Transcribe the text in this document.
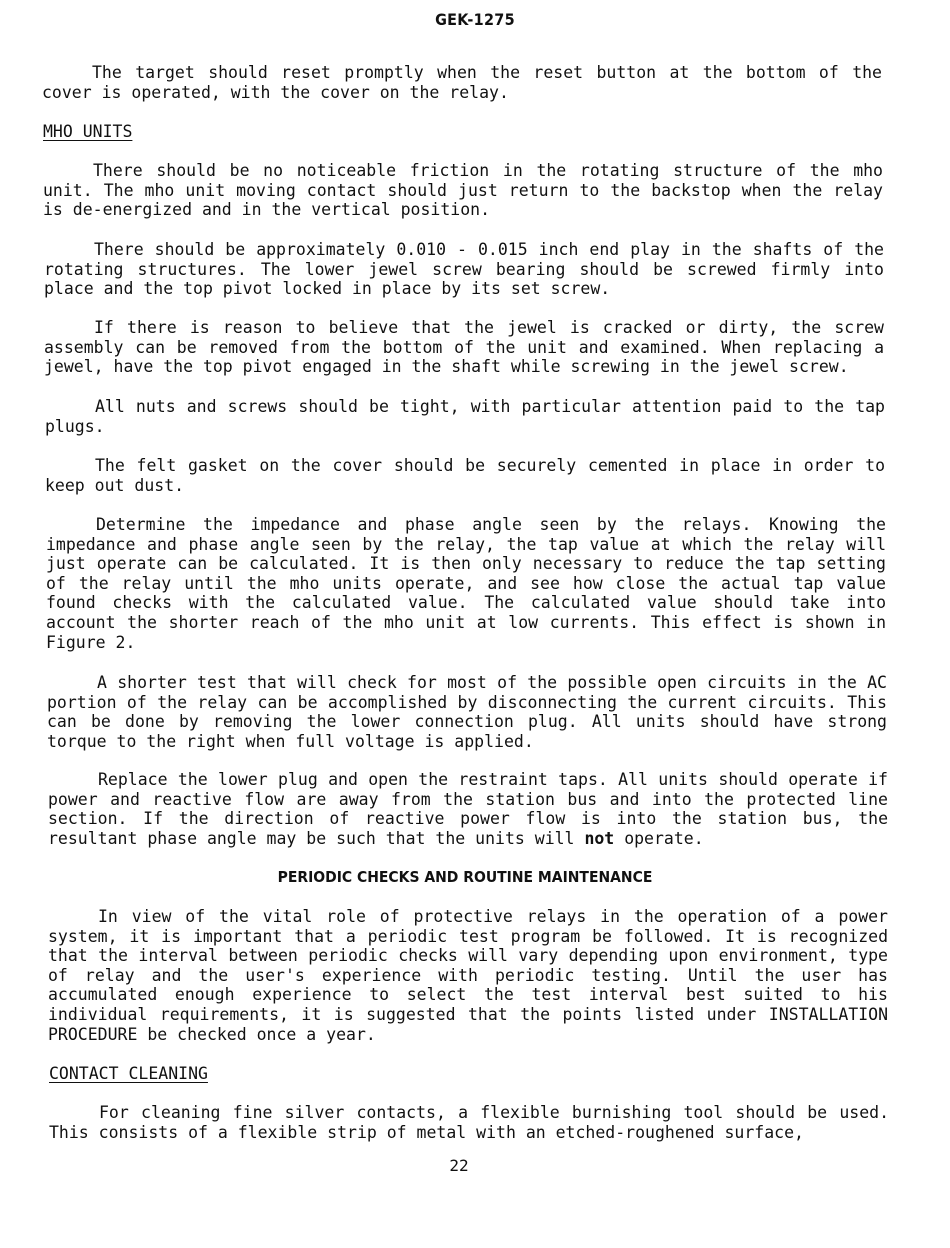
GEK-1275

The target should reset promptly when the reset button at the bottom of the cover is operated, with the cover on the relay.

MHO UNITS

There should be no noticeable friction in the rotating structure of the mho unit. The mho unit moving contact should just return to the backstop when the relay is de-energized and in the vertical position.

There should be approximately 0.010 - 0.015 inch end play in the shafts of the rotating structures. The lower jewel screw bearing should be screwed firmly into place and the top pivot locked in place by its set screw.

If there is reason to believe that the jewel is cracked or dirty, the screw assembly can be removed from the bottom of the unit and examined. When replacing a jewel, have the top pivot engaged in the shaft while screwing in the jewel screw.

All nuts and screws should be tight, with particular attention paid to the tap plugs.

The felt gasket on the cover should be securely cemented in place in order to keep out dust.

Determine the impedance and phase angle seen by the relays. Knowing the impedance and phase angle seen by the relay, the tap value at which the relay will just operate can be calculated. It is then only necessary to reduce the tap setting of the relay until the mho units operate, and see how close the actual tap value found checks with the calculated value. The calculated value should take into account the shorter reach of the mho unit at low currents. This effect is shown in Figure 2.

A shorter test that will check for most of the possible open circuits in the AC portion of the relay can be accomplished by disconnecting the current circuits. This can be done by removing the lower connection plug. All units should have strong torque to the right when full voltage is applied.

Replace the lower plug and open the restraint taps. All units should operate if power and reactive flow are away from the station bus and into the protected line section. If the direction of reactive power flow is into the station bus, the resultant phase angle may be such that the units will not operate.

PERIODIC CHECKS AND ROUTINE MAINTENANCE

In view of the vital role of protective relays in the operation of a power system, it is important that a periodic test program be followed. It is recognized that the interval between periodic checks will vary depending upon environment, type of relay and the user's experience with periodic testing. Until the user has accumulated enough experience to select the test interval best suited to his individual requirements, it is suggested that the points listed under INSTALLATION PROCEDURE be checked once a year.

CONTACT CLEANING

For cleaning fine silver contacts, a flexible burnishing tool should be used. This consists of a flexible strip of metal with an etched-roughened surface,

22
